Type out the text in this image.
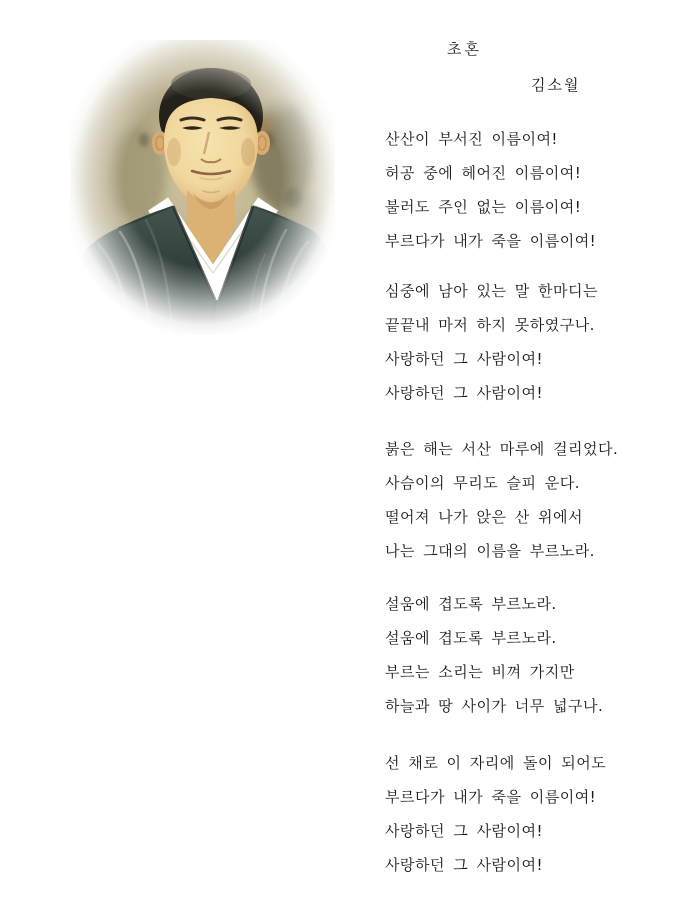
초혼
김소월
산산이 부서진 이름이여!
허공 중에 헤어진 이름이여!
불러도 주인 없는 이름이여!
부르다가 내가 죽을 이름이여!
심중에 남아 있는 말 한마디는
끝끝내 마저 하지 못하였구나.
사랑하던 그 사람이여!
사랑하던 그 사람이여!
붉은 해는 서산 마루에 걸리었다.
사슴이의 무리도 슬피 운다.
떨어져 나가 앉은 산 위에서
나는 그대의 이름을 부르노라.
설움에 겹도록 부르노라.
설움에 겹도록 부르노라.
부르는 소리는 비껴 가지만
하늘과 땅 사이가 너무 넓구나.
선 채로 이 자리에 돌이 되어도
부르다가 내가 죽을 이름이여!
사랑하던 그 사람이여!
사랑하던 그 사람이여!
